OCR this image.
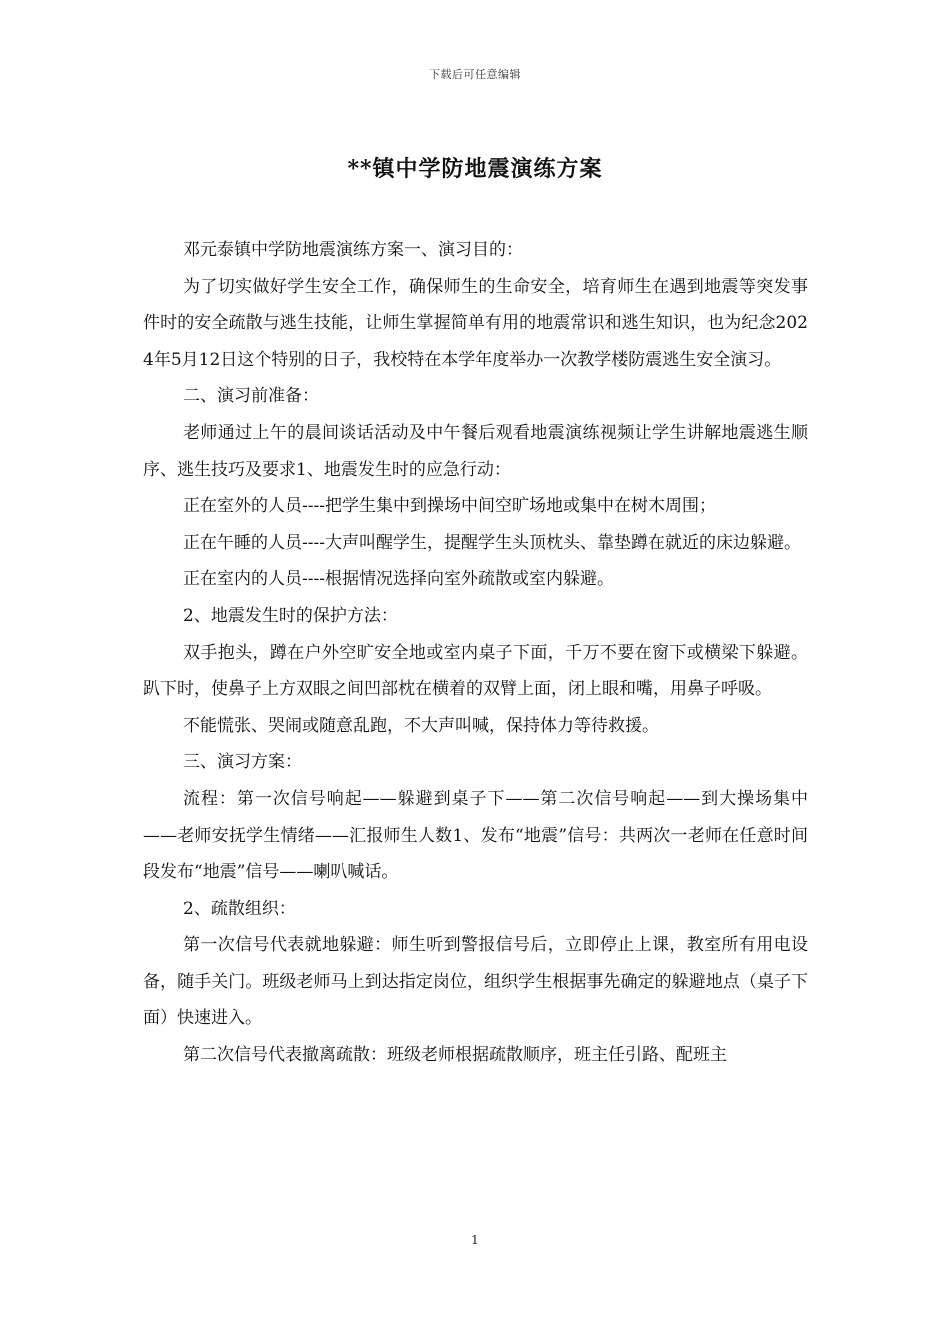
下载后可任意编辑
**镇中学防地震演练方案

邓元泰镇中学防地震演练方案一、演习目的：

为了切实做好学生安全工作，确保师生的生命安全，培育师生在遇到地震等突发事件时的安全疏散与逃生技能，让师生掌握简单有用的地震常识和逃生知识，也为纪念2024年5月12日这个特别的日子，我校特在本学年度举办一次教学楼防震逃生安全演习。

二、演习前准备：

老师通过上午的晨间谈话活动及中午餐后观看地震演练视频让学生讲解地震逃生顺序、逃生技巧及要求1、地震发生时的应急行动：

正在室外的人员----把学生集中到操场中间空旷场地或集中在树木周围；

正在午睡的人员----大声叫醒学生，提醒学生头顶枕头、靠垫蹲在就近的床边躲避。

正在室内的人员----根据情况选择向室外疏散或室内躲避。

2、地震发生时的保护方法：

双手抱头，蹲在户外空旷安全地或室内桌子下面，千万不要在窗下或横梁下躲避。趴下时，使鼻子上方双眼之间凹部枕在横着的双臂上面，闭上眼和嘴，用鼻子呼吸。

不能慌张、哭闹或随意乱跑，不大声叫喊，保持体力等待救援。

三、演习方案：

流程：第一次信号响起——躲避到桌子下——第二次信号响起——到大操场集中——老师安抚学生情绪——汇报师生人数1、发布“地震”信号：共两次一老师在任意时间段发布“地震”信号——喇叭喊话。

2、疏散组织：

第一次信号代表就地躲避：师生听到警报信号后，立即停止上课，教室所有用电设备，随手关门。班级老师马上到达指定岗位，组织学生根据事先确定的躲避地点（桌子下面）快速进入。

第二次信号代表撤离疏散：班级老师根据疏散顺序，班主任引路、配班主

1
